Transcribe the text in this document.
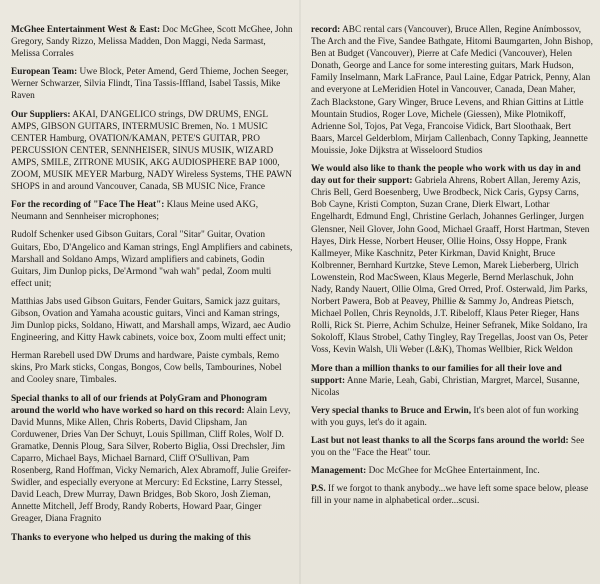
McGhee Entertainment West & East: Doc McGhee, Scott McGhee, John Gregory, Sandy Rizzo, Melissa Madden, Don Maggi, Neda Sarmast, Melissa Corrales

European Team: Uwe Block, Peter Amend, Gerd Thieme, Jochen Seeger, Werner Schwarzer, Silvia Flindt, Tina Tassis-Iffland, Isabel Tassis, Mike Raven

Our Suppliers: AKAI, D'ANGELICO strings, DW DRUMS, ENGL AMPS, GIBSON GUITARS, INTERMUSIC Bremen, No. 1 MUSIC CENTER Hamburg, OVATION/KAMAN, PETE'S GUITAR, PRO PERCUSSION CENTER, SENNHEISER, SINUS MUSIK, WIZARD AMPS, SMILE, ZITRONE MUSIK, AKG AUDIOSPHERE BAP 1000, ZOOM, MUSIK MEYER Marburg, NADY Wireless Systems, THE PAWN SHOPS in and around Vancouver, Canada, SB MUSIC Nice, France

For the recording of "Face The Heat": Klaus Meine used AKG, Neumann and Sennheiser microphones;

Rudolf Schenker used Gibson Guitars, Coral "Sitar" Guitar, Ovation Guitars, Ebo, D'Angelico and Kaman strings, Engl Amplifiers and cabinets, Marshall and Soldano Amps, Wizard amplifiers and cabinets, Godin Guitars, Jim Dunlop picks, De'Armond "wah wah" pedal, Zoom multi effect unit;

Matthias Jabs used Gibson Guitars, Fender Guitars, Samick jazz guitars, Gibson, Ovation and Yamaha acoustic guitars, Vinci and Kaman strings, Jim Dunlop picks, Soldano, Hiwatt, and Marshall amps, Wizard, aec Audio Engineering, and Kitty Hawk cabinets, voice box, Zoom multi effect unit;

Herman Rarebell used DW Drums and hardware, Paiste cymbals, Remo skins, Pro Mark sticks, Congas, Bongos, Cow bells, Tambourines, Nobel and Cooley snare, Timbales.

Special thanks to all of our friends at PolyGram and Phonogram around the world who have worked so hard on this record: Alain Levy, David Munns, Mike Allen, Chris Roberts, David Clipsham, Jan Corduwener, Dries Van Der Schuyt, Louis Spillman, Cliff Roles, Wolf D. Gramatke, Dennis Ploug, Sara Silver, Roberto Biglia, Ossi Drechsler, Jim Caparro, Michael Bays, Michael Barnard, Cliff O'Sullivan, Pam Rosenberg, Rand Hoffman, Vicky Nemarich, Alex Abramoff, Julie Greifer-Swidler, and especially everyone at Mercury: Ed Eckstine, Larry Stessel, David Leach, Drew Murray, Dawn Bridges, Bob Skoro, Josh Zieman, Annette Mitchell, Jeff Brody, Randy Roberts, Howard Paar, Ginger Greager, Diana Fragnito

Thanks to everyone who helped us during the making of this

record: ABC rental cars (Vancouver), Bruce Allen, Regine Anímbossov, The Arch and the Five, Sandee Bathgate, Hitomi Baumgarten, John Bishop, Ben at Budget (Vancouver), Pierre at Cafe Medici (Vancouver), Helen Donath, George and Lance for some interesting guitars, Mark Hudson, Family Inselmann, Mark LaFrance, Paul Laine, Edgar Patrick, Penny, Alan and everyone at LeMeridien Hotel in Vancouver, Canada, Dean Maher, Zach Blackstone, Gary Winger, Bruce Levens, and Rhian Gittins at Little Mountain Studios, Roger Love, Michele (Giessen), Mike Plotnikoff, Adrienne Sol, Tojos, Pat Vega, Francoise Vidick, Bart Sloothaak, Bert Baars, Marcel Gelderblom, Mirjam Callenbach, Conny Tapking, Jeannette Mouissie, Joke Dijkstra at Wisseloord Studios

We would also like to thank the people who work with us day in and day out for their support: Gabriela Ahrens, Robert Allan, Jeremy Azis, Chris Bell, Gerd Boesenberg, Uwe Brodbeck, Nick Caris, Gypsy Carns, Bob Cayne, Kristi Compton, Suzan Crane, Dierk Elwart, Lothar Engelhardt, Edmund Engl, Christine Gerlach, Johannes Gerlinger, Jurgen Glensner, Neil Glover, John Good, Michael Graaff, Horst Hartman, Steven Hayes, Dirk Hesse, Norbert Heuser, Ollie Hoins, Ossy Hoppe, Frank Kallmeyer, Mike Kaschnitz, Peter Kirkman, David Knight, Bruce Kolbrenner, Bernhard Kurtzke, Steve Lemon, Marek Lieberberg, Ulrich Lowenstein, Rod MacSween, Klaus Megerle, Bernd Merlaschuk, John Nady, Randy Nauert, Ollie Olma, Gred Orred, Prof. Osterwald, Jim Parks, Norbert Pawera, Bob at Peavey, Phillie & Sammy Jo, Andreas Pietsch, Michael Pollen, Chris Reynolds, J.T. Ribeloff, Klaus Peter Rieger, Hans Rolli, Rick St. Pierre, Achim Schulze, Heiner Sefranek, Mike Soldano, Ira Sokoloff, Klaus Strobel, Cathy Tingley, Ray Tregellas, Joost van Os, Peter Voss, Kevin Walsh, Uli Weber (L&K), Thomas Wellbier, Rick Weldon

More than a million thanks to our families for all their love and support: Anne Marie, Leah, Gabi, Christian, Margret, Marcel, Susanne, Nicolas

Very special thanks to Bruce and Erwin, It's been alot of fun working with you guys, let's do it again.

Last but not least thanks to all the Scorps fans around the world: See you on the "Face the Heat" tour.

Management: Doc McGhee for McGhee Entertainment, Inc.

P.S. If we forgot to thank anybody...we have left some space below, please fill in your name in alphabetical order...scusi.
